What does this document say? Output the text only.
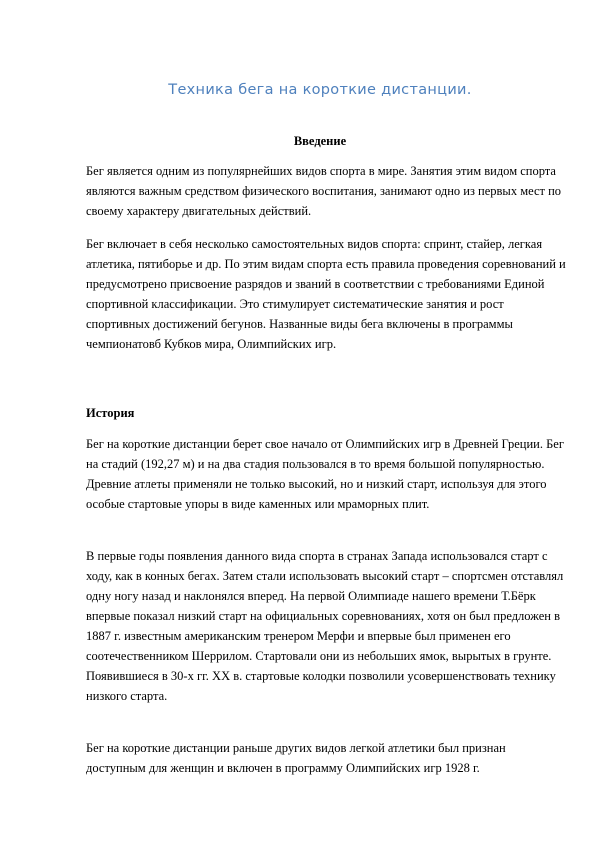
Техника бега на короткие дистанции.
Введение

Бег является одним из популярнейших видов спорта в мире. Занятия этим видом спорта являются важным средством физического воспитания, занимают одно из первых мест по своему характеру двигательных действий.

Бег включает в себя несколько самостоятельных видов спорта: спринт, стайер, легкая атлетика, пятиборье и др. По этим видам спорта есть правила проведения соревнований и предусмотрено присвоение разрядов и званий в соответствии с требованиями Единой спортивной классификации. Это стимулирует систематические занятия и рост спортивных достижений бегунов. Названные виды бега включены в программы чемпионатовб Кубков мира, Олимпийских игр.

История

Бег на короткие дистанции берет свое начало от Олимпийских игр в Древней Греции. Бег на стадий (192,27 м) и на два стадия пользовался в то время большой популярностью. Древние атлеты применяли не только высокий, но и низкий старт, используя для этого особые стартовые упоры в виде каменных или мраморных плит.

В первые годы появления данного вида спорта в странах Запада использовался старт с ходу, как в конных бегах. Затем стали использовать высокий старт – спортсмен отставлял одну ногу назад и наклонялся вперед. На первой Олимпиаде нашего времени Т.Бёрк впервые показал низкий старт на официальных соревнованиях, хотя он был предложен в 1887 г. известным американским тренером Мерфи и впервые был применен его соотечественником Шеррилом. Стартовали они из небольших ямок, вырытых в грунте. Появившиеся в 30-х гг. XX в. стартовые колодки позволили усовершенствовать технику низкого старта.

Бег на короткие дистанции раньше других видов легкой атлетики был признан доступным для женщин и включен в программу Олимпийских игр 1928 г.
